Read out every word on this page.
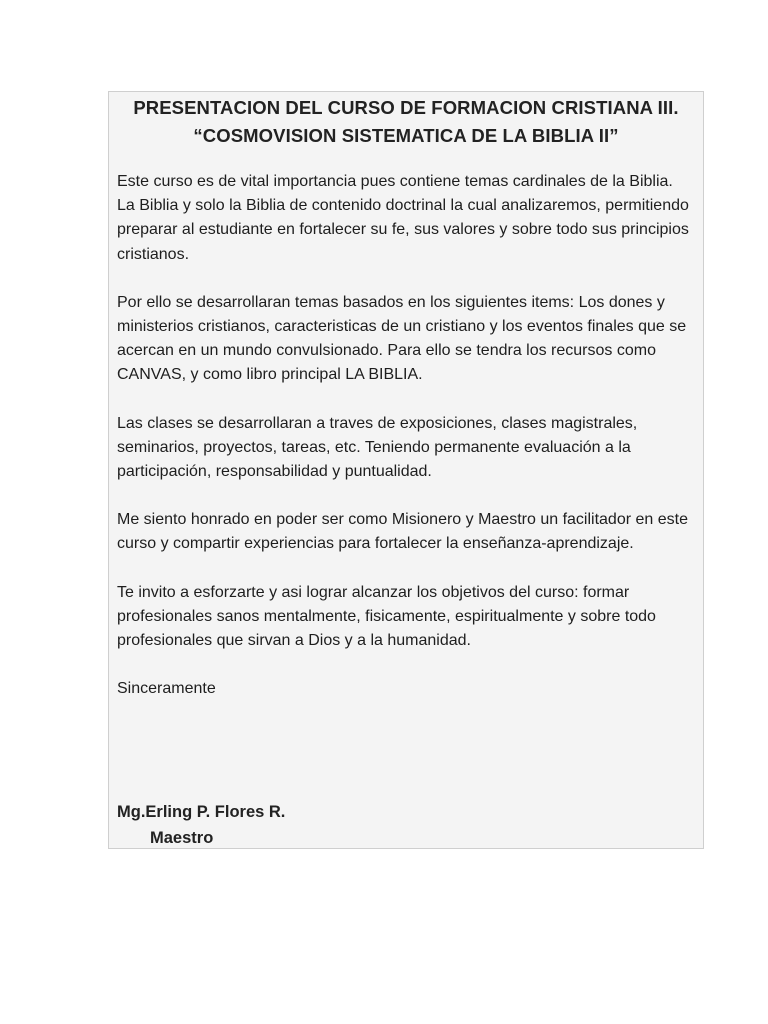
PRESENTACION DEL CURSO DE FORMACION CRISTIANA III.
“COSMOVISION SISTEMATICA DE LA BIBLIA II”

Este curso es de vital importancia pues contiene temas cardinales de la Biblia. La Biblia y solo la Biblia de contenido doctrinal la cual analizaremos, permitiendo preparar al estudiante en fortalecer su fe, sus valores y sobre todo sus principios cristianos.

Por ello se desarrollaran temas basados en los siguientes items: Los dones y ministerios cristianos, caracteristicas de un cristiano y los eventos finales que se acercan en un mundo convulsionado. Para ello se tendra los recursos como CANVAS, y como libro principal LA BIBLIA.

Las clases se desarrollaran a traves de exposiciones, clases magistrales, seminarios, proyectos, tareas, etc. Teniendo permanente evaluación a la participación, responsabilidad y puntualidad.

Me siento honrado en poder ser como Misionero y Maestro un facilitador en este curso y compartir experiencias para fortalecer la enseñanza-aprendizaje.

Te invito a esforzarte y asi lograr alcanzar los objetivos del curso: formar profesionales sanos mentalmente, fisicamente, espiritualmente y sobre todo profesionales que sirvan a Dios y a la humanidad.

Sinceramente

Mg.Erling P. Flores R.
Maestro
